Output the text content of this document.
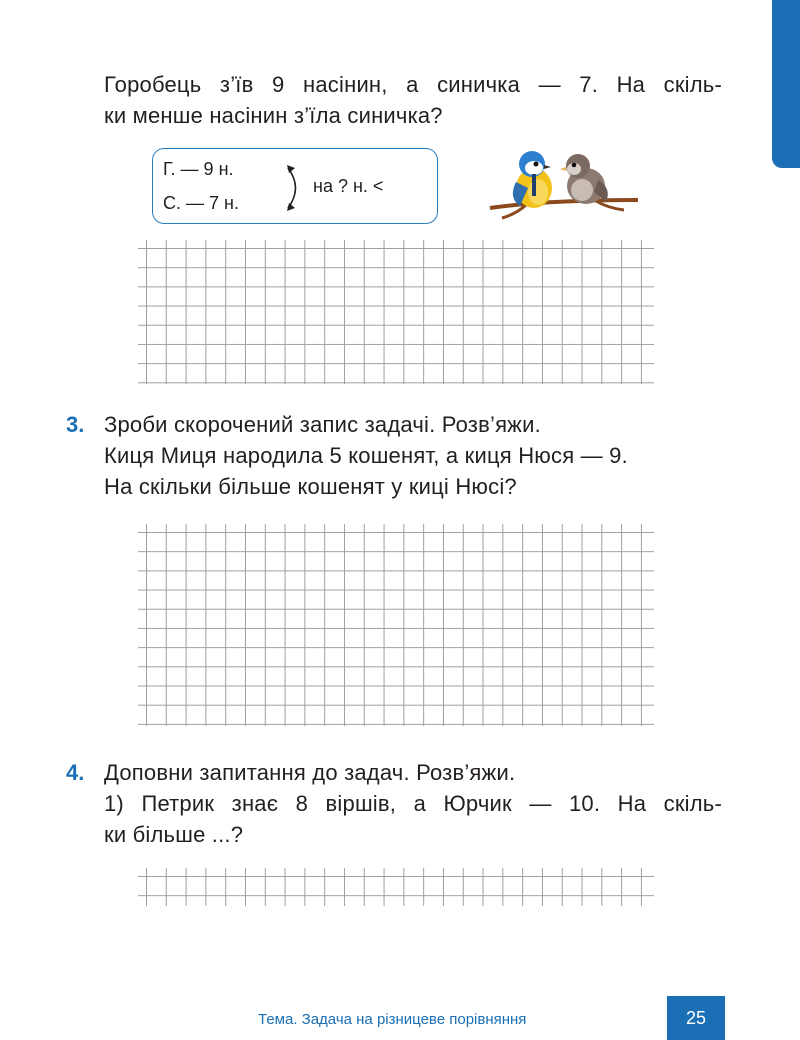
Горобець з’їв 9 насінин, а синичка — 7. На скіль-
ки менше насінин з’їла синичка?
Г. — 9 н.
С. — 7 н.
на ? н. <
3. Зроби скорочений запис задачі. Розв’яжи.
Киця Миця народила 5 кошенят, а киця Нюся — 9.
На скільки більше кошенят у киці Нюсі?
4. Доповни запитання до задач. Розв’яжи.
1) Петрик знає 8 віршів, а Юрчик — 10. На скіль-
ки більше ...?
Тема. Задача на різницеве порівняння	25
